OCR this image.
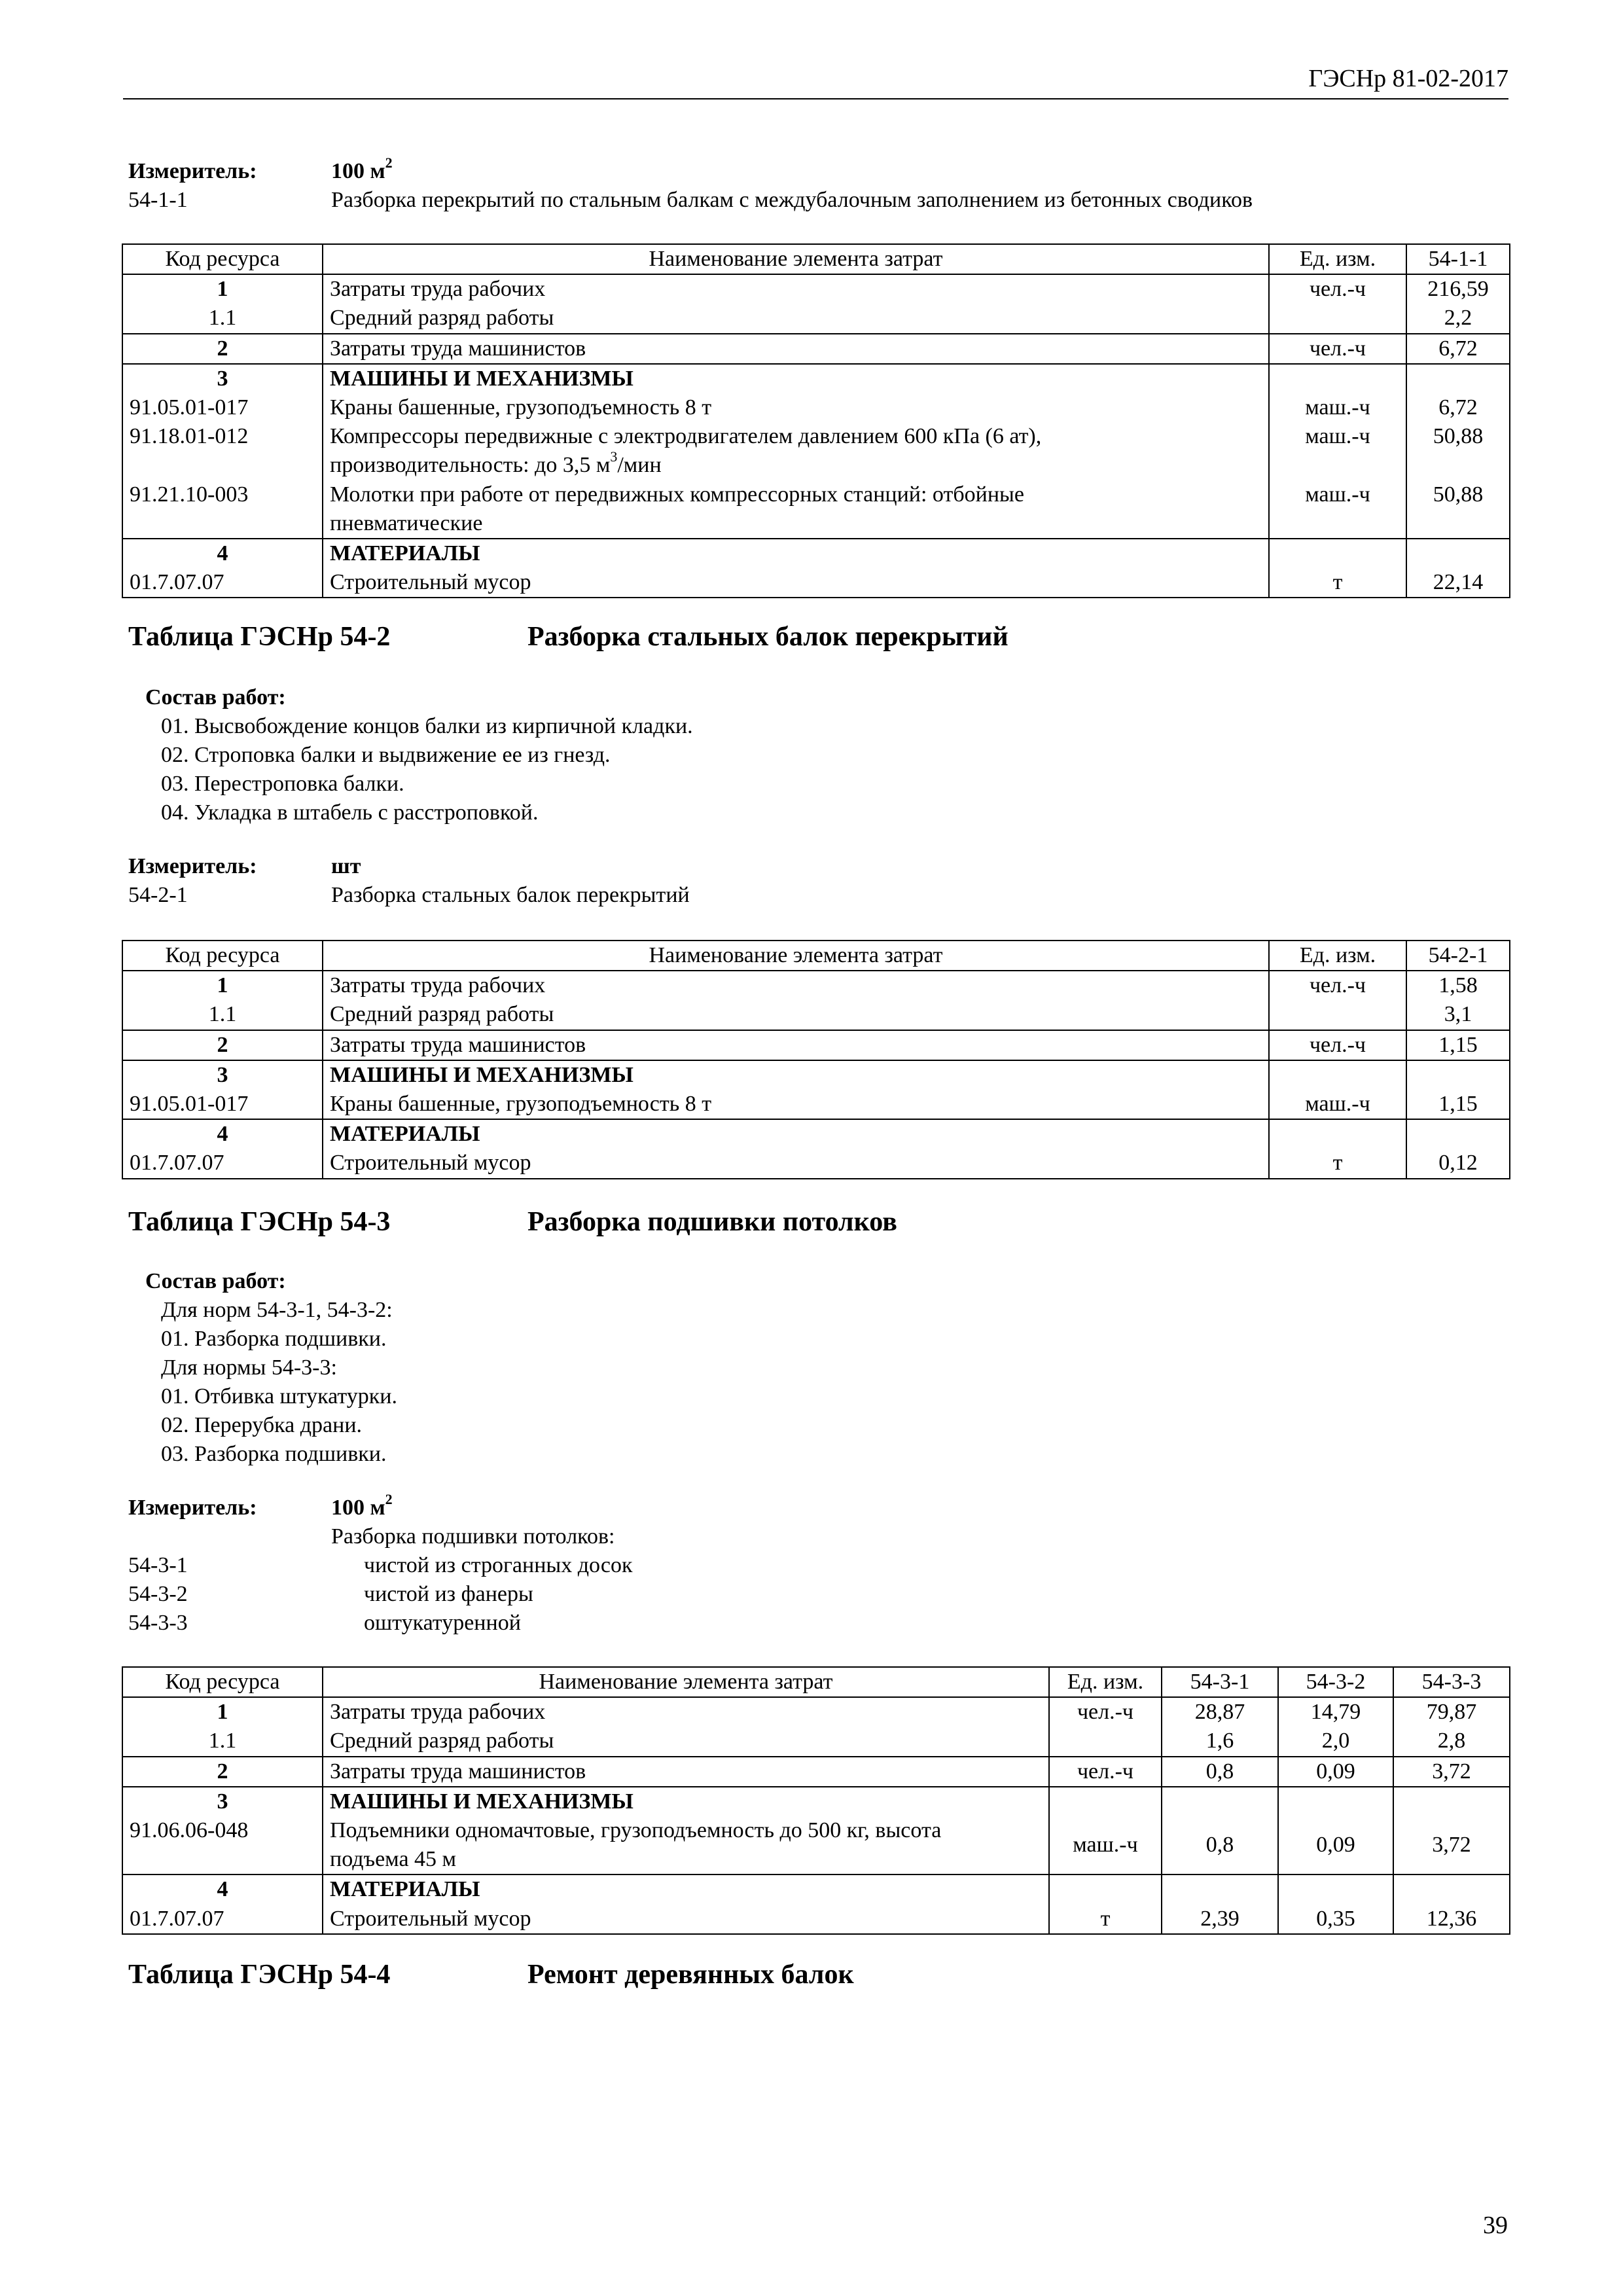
ГЭСНр 81-02-2017
Измеритель:	100 $м^2$
54-1-1	Разборка перекрытий по стальным балкам с междубалочным заполнением из бетонных сводиков
Код ресурса	Наименование элемента затрат	Ед. изм.	54-1-1
1	Затраты труда рабочих	чел.-ч	216,59
1.1	Средний разряд работы		2,2
2	Затраты труда машинистов	чел.-ч	6,72
3	МАШИНЫ И МЕХАНИЗМЫ		
91.05.01-017	Краны башенные, грузоподъемность 8 т	маш.-ч	6,72
91.18.01-012	Компрессоры передвижные с электродвигателем давлением 600 кПа (6 ат),
производительность: до 3,5 $м^3$/мин	маш.-ч	50,88
91.21.10-003	Молотки при работе от передвижных компрессорных станций: отбойные
пневматические	маш.-ч	50,88
4	МАТЕРИАЛЫ		
01.7.07.07	Строительный мусор	т	22,14
Таблица ГЭСНр 54-2	Разборка стальных балок перекрытий
Состав работ:
01. Высвобождение концов балки из кирпичной кладки.
02. Строповка балки и выдвижение ее из гнезд.
03. Перестроповка балки.
04. Укладка в штабель с расстроповкой.
Измеритель:	шт
54-2-1	Разборка стальных балок перекрытий
Код ресурса	Наименование элемента затрат	Ед. изм.	54-2-1
1	Затраты труда рабочих	чел.-ч	1,58
1.1	Средний разряд работы		3,1
2	Затраты труда машинистов	чел.-ч	1,15
3	МАШИНЫ И МЕХАНИЗМЫ		
91.05.01-017	Краны башенные, грузоподъемность 8 т	маш.-ч	1,15
4	МАТЕРИАЛЫ		
01.7.07.07	Строительный мусор	т	0,12
Таблица ГЭСНр 54-3	Разборка подшивки потолков
Состав работ:
Для норм 54-3-1, 54-3-2:
01. Разборка подшивки.
Для нормы 54-3-3:
01. Отбивка штукатурки.
02. Перерубка драни.
03. Разборка подшивки.
Измеритель:	100 $м^2$
Разборка подшивки потолков:
54-3-1	чистой из строганных досок
54-3-2	чистой из фанеры
54-3-3	оштукатуренной
Код ресурса	Наименование элемента затрат	Ед. изм.	54-3-1	54-3-2	54-3-3
1	Затраты труда рабочих	чел.-ч	28,87	14,79	79,87
1.1	Средний разряд работы		1,6	2,0	2,8
2	Затраты труда машинистов	чел.-ч	0,8	0,09	3,72
3	МАШИНЫ И МЕХАНИЗМЫ				
91.06.06-048	Подъемники одномачтовые, грузоподъемность до 500 кг, высота
подъема 45 м	маш.-ч	0,8	0,09	3,72
4	МАТЕРИАЛЫ				
01.7.07.07	Строительный мусор	т	2,39	0,35	12,36
Таблица ГЭСНр 54-4	Ремонт деревянных балок
39
